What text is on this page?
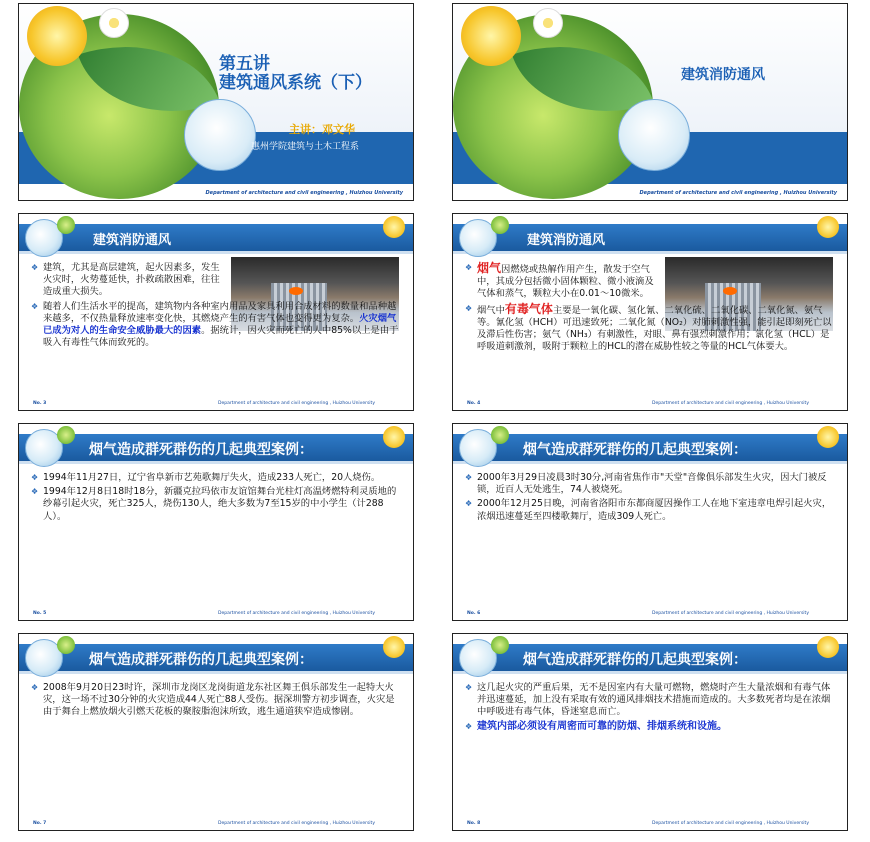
第五讲
建筑通风系统（下）
主讲：邓文华
惠州学院建筑与土木工程系
Department of architecture and civil engineering , Huizhou University
建筑消防通风
Department of architecture and civil engineering , Huizhou University
建筑消防通风
❖ 建筑，尤其是高层建筑，起火因素多，发生火灾时，火势蔓延快，扑救疏散困难，往往造成重大损失。
❖ 随着人们生活水平的提高，建筑物内各种室内用品及家具利用合成材料的数量和品种越来越多，不仅热量释放速率变化快，其燃烧产生的有害气体也变得更为复杂。火灾烟气已成为对人的生命安全威胁最大的因素。据统计，因火灾而死亡的人中85%以上是由于吸入有毒性气体而致死的。
No. 3	Department of architecture and civil engineering , Huizhou University
建筑消防通风
❖ 烟气因燃烧或热解作用产生，散发于空气中，其成分包括微小固体颗粒、微小液滴及气体和蒸气，颗粒大小在0.01～10微米。
❖ 烟气中有毒气体主要是一氧化碳、氢化氰、二氧化硫、二氧化碳、二氧化氮、氨气等。氰化氢（HCH）可迅速致死；二氧化氮（NO₂）对肺刺激性强，能引起即刻死亡以及滞后性伤害；氨气（NH₃）有刺激性，对眼、鼻有强烈刺激作用；氯化氢（HCL）是呼吸道刺激剂，吸附于颗粒上的HCL的潜在威胁性较之等量的HCL气体要大。
No. 4	Department of architecture and civil engineering , Huizhou University
烟气造成群死群伤的几起典型案例：
❖ 1994年11月27日，辽宁省阜新市艺苑歌舞厅失火，造成233人死亡，20人烧伤。
❖ 1994年12月8日18时18分，新疆克拉玛依市友谊馆舞台光柱灯高温烤燃特利灵质地的纱幕引起火灾，死亡325人，烧伤130人，绝大多数为7至15岁的中小学生（计288人）。
No. 5	Department of architecture and civil engineering , Huizhou University
烟气造成群死群伤的几起典型案例：
❖ 2000年3月29日凌晨3时30分,河南省焦作市"天堂"音像俱乐部发生火灾，因大门被反锁，近百人无处逃生，74人被烧死。
❖ 2000年12月25日晚，河南省洛阳市东都商厦因操作工人在地下室违章电焊引起火灾，浓烟迅速蔓延至四楼歌舞厅，造成309人死亡。
No. 6	Department of architecture and civil engineering , Huizhou University
烟气造成群死群伤的几起典型案例：
❖ 2008年9月20日23时许，深圳市龙岗区龙岗街道龙东社区舞王俱乐部发生一起特大火灾，这一场不过30分钟的火灾造成44人死亡88人受伤。据深圳警方初步调查，火灾是由于舞台上燃放烟火引燃天花板的聚胺脂泡沫所致，逃生通道狭窄造成惨剧。
No. 7	Department of architecture and civil engineering , Huizhou University
烟气造成群死群伤的几起典型案例：
❖ 这几起火灾的严重后果，无不是因室内有大量可燃物，燃烧时产生大量浓烟和有毒气体并迅速蔓延，加上没有采取有效的通风排烟技术措施而造成的。大多数死者均是在浓烟中呼吸进有毒气体，昏迷窒息而亡。
❖ 建筑内部必须设有周密而可靠的防烟、排烟系统和设施。
No. 8	Department of architecture and civil engineering , Huizhou University
